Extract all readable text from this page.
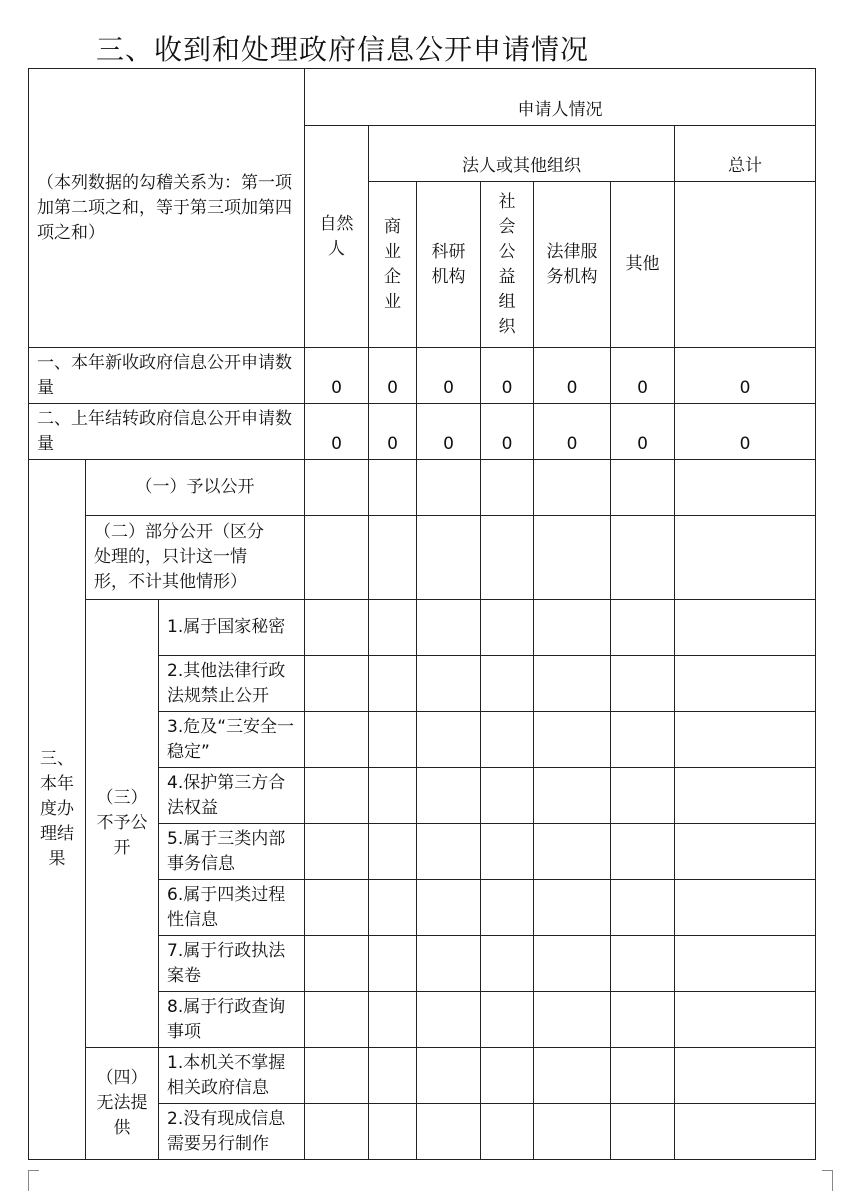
三、收到和处理政府信息公开申请情况
（本列数据的勾稽关系为：第一项加第二项之和，等于第三项加第四项之和）			申请人情况						
			自然人	法人或其他组织					总计
				商业企业	科研机构	社会公益组织	法律服务机构	其他	
一、本年新收政府信息公开申请数量			0	0	0	0	0	0	0
二、上年结转政府信息公开申请数量			0	0	0	0	0	0	0
三、本年度办理结果	（一）予以公开								
	（二）部分公开（区分处理的，只计这一情形，不计其他情形）								
	（三）不予公开	1.属于国家秘密							
		2.其他法律行政法规禁止公开							
		3.危及“三安全一稳定”							
		4.保护第三方合法权益							
		5.属于三类内部事务信息							
		6.属于四类过程性信息							
		7.属于行政执法案卷							
		8.属于行政查询事项							
	（四）无法提供	1.本机关不掌握相关政府信息							
		2.没有现成信息需要另行制作							
